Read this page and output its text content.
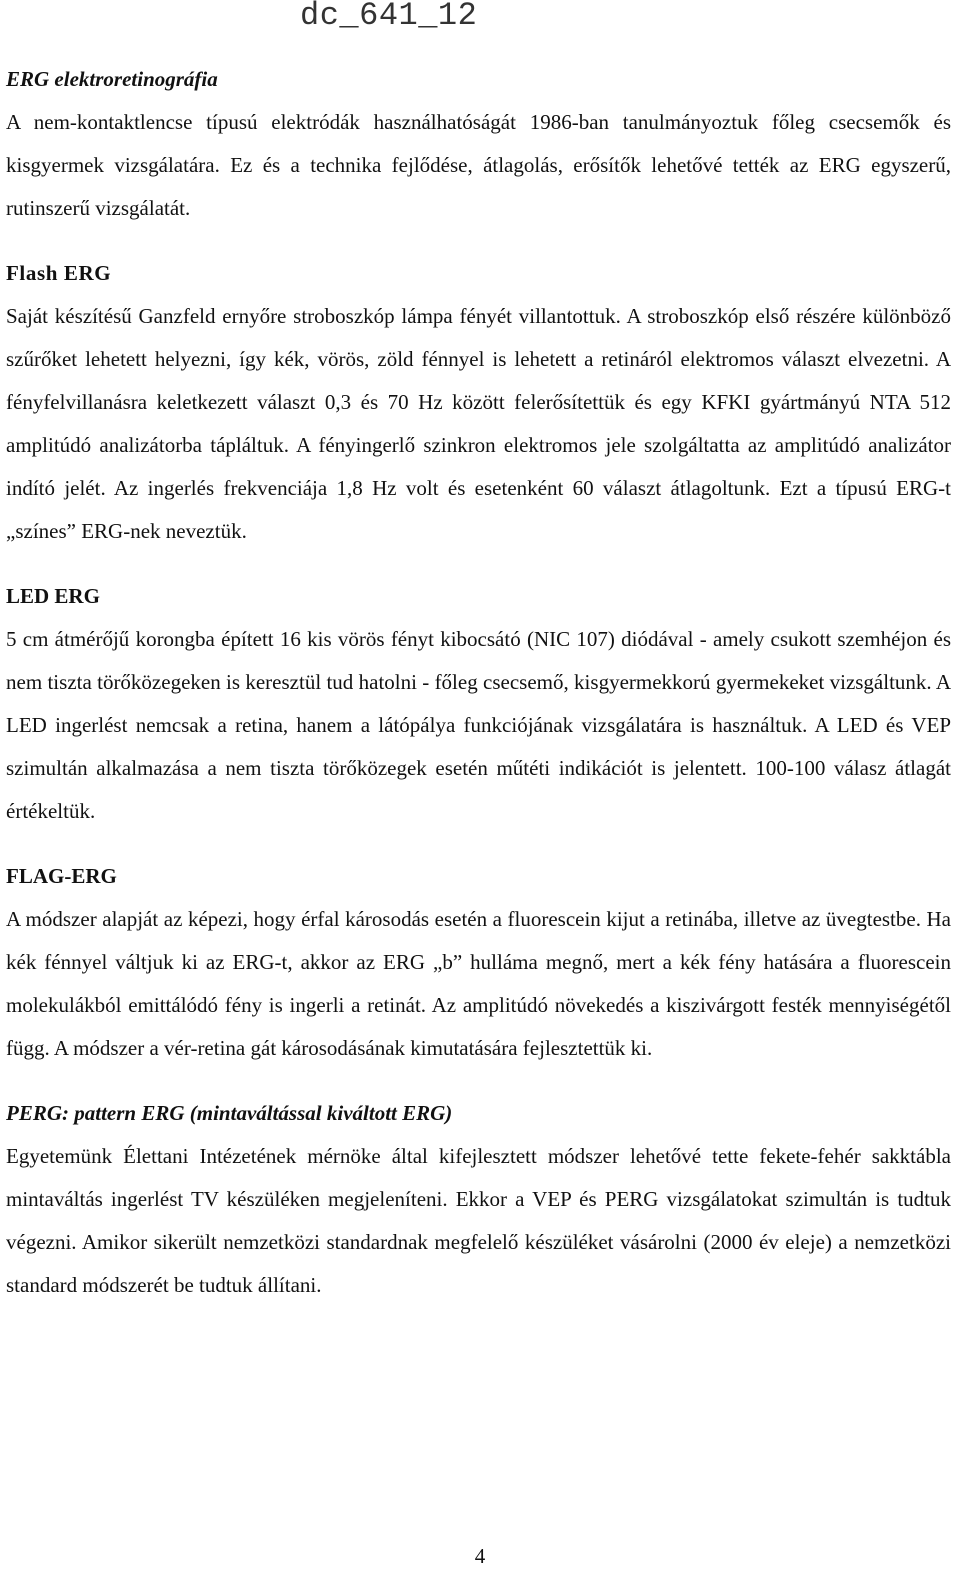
dc_641_12
ERG elektroretinográfia

A nem-kontaktlencse típusú elektródák használhatóságát 1986-ban tanulmányoztuk főleg csecsemők és kisgyermek vizsgálatára. Ez és a technika fejlődése, átlagolás, erősítők lehetővé tették az ERG egyszerű, rutinszerű vizsgálatát.

Flash ERG

Saját készítésű Ganzfeld ernyőre stroboszkóp lámpa fényét villantottuk. A stroboszkóp első részére különböző szűrőket lehetett helyezni, így kék, vörös, zöld fénnyel is lehetett a retináról elektromos választ elvezetni. A fényfelvillanásra keletkezett választ 0,3 és 70 Hz között felerősítettük és egy KFKI gyártmányú NTA 512 amplitúdó analizátorba tápláltuk. A fényingerlő szinkron elektromos jele szolgáltatta az amplitúdó analizátor indító jelét. Az ingerlés frekvenciája 1,8 Hz volt és esetenként 60 választ átlagoltunk. Ezt a típusú ERG-t „színes” ERG-nek neveztük.

LED ERG

5 cm átmérőjű korongba épített 16 kis vörös fényt kibocsátó (NIC 107) diódával - amely csukott szemhéjon és nem tiszta törőközegeken is keresztül tud hatolni - főleg csecsemő, kisgyermekkorú gyermekeket vizsgáltunk. A LED ingerlést nemcsak a retina, hanem a látópálya funkciójának vizsgálatára is használtuk. A LED és VEP szimultán alkalmazása a nem tiszta törőközegek esetén műtéti indikációt is jelentett. 100-100 válasz átlagát értékeltük.

FLAG-ERG

A módszer alapját az képezi, hogy érfal károsodás esetén a fluorescein kijut a retinába, illetve az üvegtestbe. Ha kék fénnyel váltjuk ki az ERG-t, akkor az ERG „b” hulláma megnő, mert a kék fény hatására a fluorescein molekulákból emittálódó fény is ingerli a retinát. Az amplitúdó növekedés a kiszivárgott festék mennyiségétől függ. A módszer a vér-retina gát károsodásának kimutatására fejlesztettük ki.

PERG: pattern ERG (mintaváltással kiváltott ERG)

Egyetemünk Élettani Intézetének mérnöke által kifejlesztett módszer lehetővé tette fekete-fehér sakktábla mintaváltás ingerlést TV készüléken megjeleníteni. Ekkor a VEP és PERG vizsgálatokat szimultán is tudtuk végezni. Amikor sikerült nemzetközi standardnak megfelelő készüléket vásárolni (2000 év eleje) a nemzetközi standard módszerét be tudtuk állítani.

4
